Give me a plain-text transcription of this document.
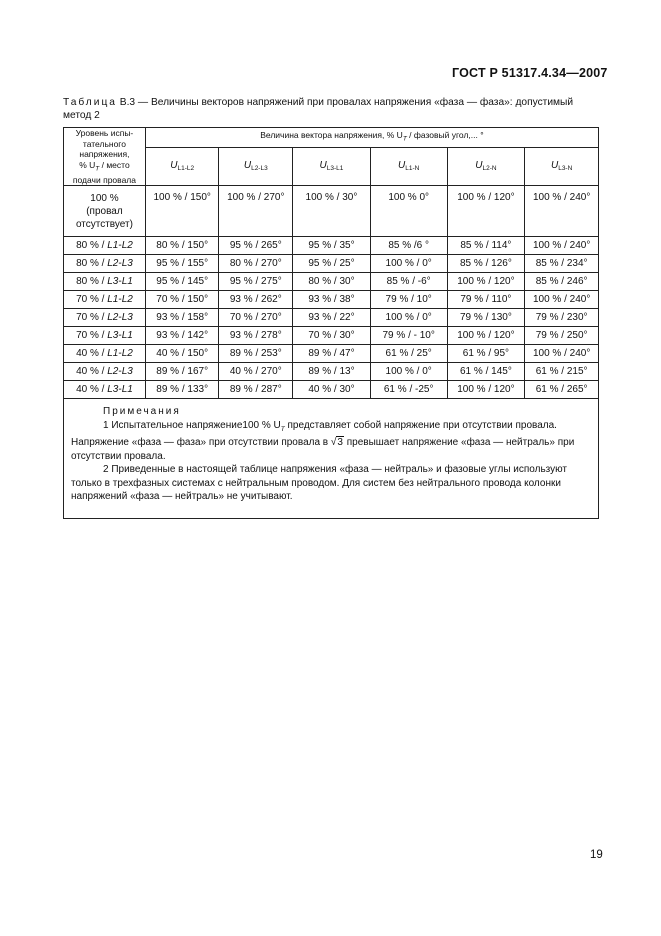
ГОСТ Р 51317.4.34—2007
Таблица В.3 — Величины векторов напряжений при провалах напряжения «фаза — фаза»: допустимый метод 2
Уровень испы-
тательного
напряжения,
% $U_T$ / место
подачи провала	Величина вектора напряжения, % $U_T$ / фазовый угол,... °					
	$U_{L1-L2}$	$U_{L2-L3}$	$U_{L3-L1}$	$U_{L1-N}$	$U_{L2-N}$	$U_{L3-N}$
100 %
(провал
отсутствует)	100 % / 150°	100 % / 270°	100 % / 30°	100 % 0°	100 % / 120°	100 % / 240°
80 % / L1-L2	80 % / 150°	95 % / 265°	95 % / 35°	85 % /6 °	85 % / 114°	100 % / 240°
80 % / L2-L3	95 % / 155°	80 % / 270°	95 % / 25°	100 % / 0°	85 % / 126°	85 % / 234°
80 % / L3-L1	95 % / 145°	95 % / 275°	80 % / 30°	85 % / -6°	100 % / 120°	85 % / 246°
70 % / L1-L2	70 % / 150°	93 % / 262°	93 % / 38°	79 % / 10°	79 % / 110°	100 % / 240°
70 % / L2-L3	93 % / 158°	70 % / 270°	93 % / 22°	100 % / 0°	79 % / 130°	79 % / 230°
70 % / L3-L1	93 % / 142°	93 % / 278°	70 % / 30°	79 % / - 10°	100 % / 120°	79 % / 250°
40 % / L1-L2	40 % / 150°	89 % / 253°	89 % / 47°	61 % / 25°	61 % / 95°	100 % / 240°
40 % / L2-L3	89 % / 167°	40 % / 270°	89 % / 13°	100 % / 0°	61 % / 145°	61 % / 215°
40 % / L3-L1	89 % / 133°	89 % / 287°	40 % / 30°	61 % / -25°	100 % / 120°	61 % / 265°

Примечания
1 Испытательное напряжение100 % $U_T$ представляет собой напряжение при отсутствии провала.
Напряжение «фаза — фаза» при отсутствии провала в √3 превышает напряжение «фаза — нейтраль» при отсутствии провала.
2 Приведенные в настоящей таблице напряжения «фаза — нейтраль» и фазовые углы используют только в трехфазных системах с нейтральным проводом. Для систем без нейтрального провода колонки напряжений «фаза — нейтраль» не учитывают.						
19
